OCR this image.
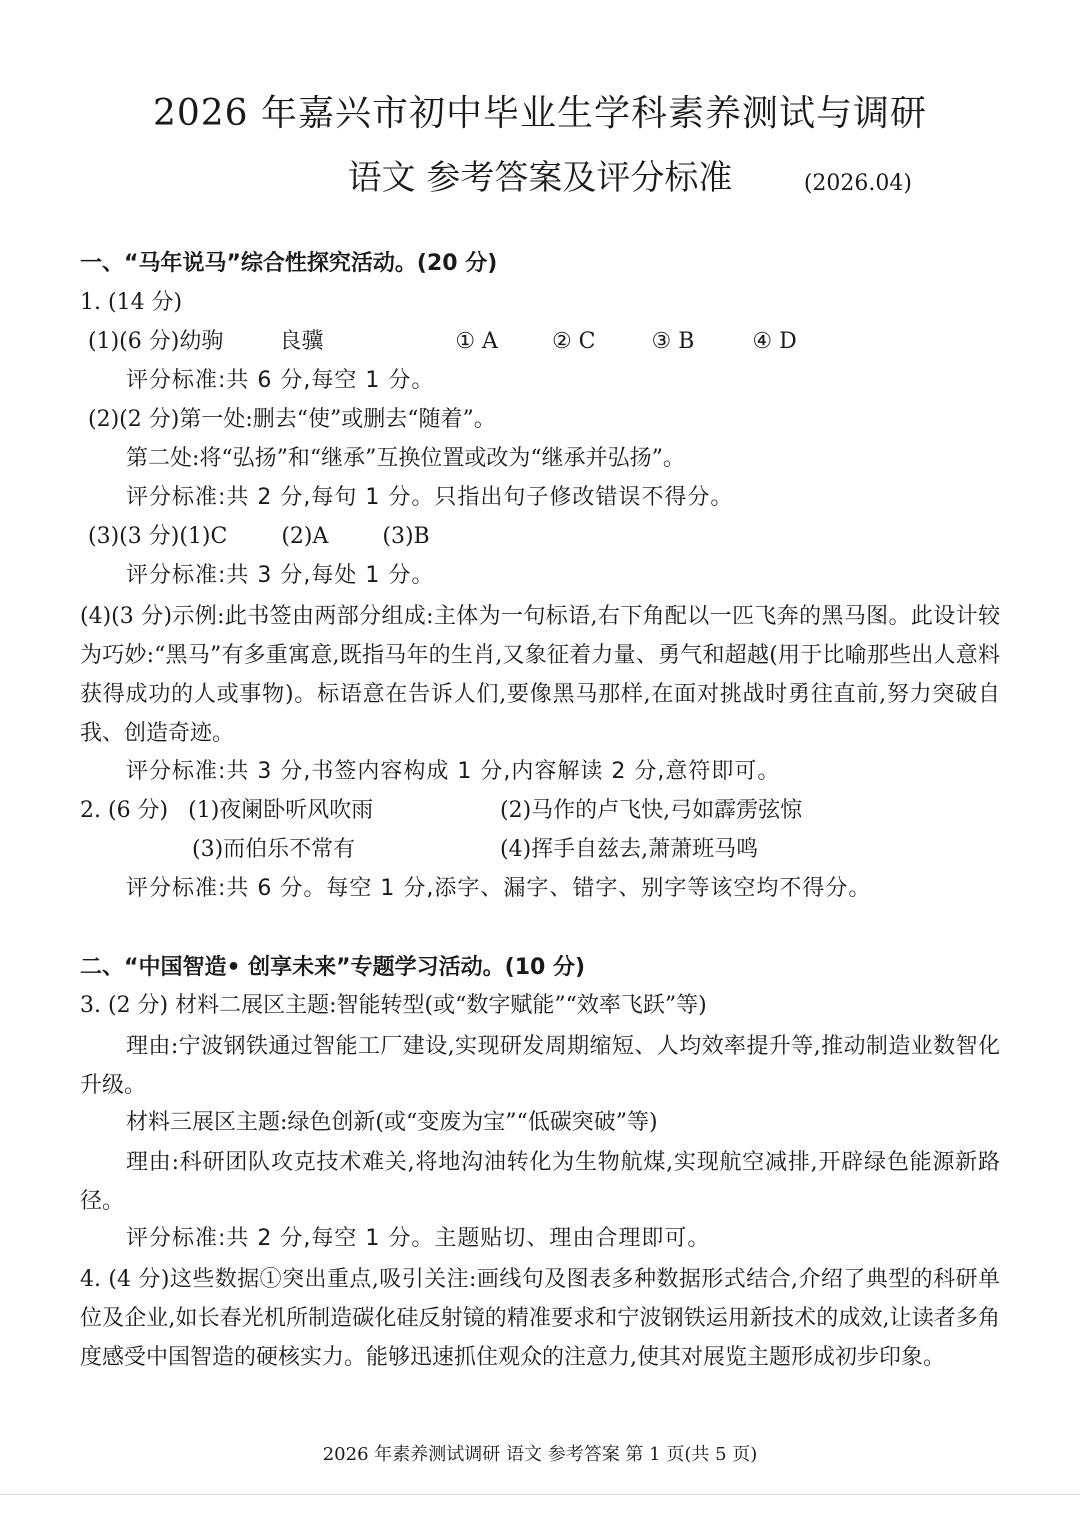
2026 年嘉兴市初中毕业生学科素养测试与调研
语文 参考答案及评分标准	(2026.04)
一、“马年说马”综合性探究活动。(20 分)
1. (14 分)
(1)(6 分)幼驹	良骥	① A ② C	③ B	④ D
评分标准:共 6 分,每空 1 分。
(2)(2 分)第一处:删去“使”或删去“随着”。
第二处:将“弘扬”和“继承”互换位置或改为“继承并弘扬”。
评分标准:共 2 分,每句 1 分。只指出句子修改错误不得分。
(3)(3 分)(1)C (2)A (3)B
评分标准:共 3 分,每处 1 分。
(4)(3 分)示例:此书签由两部分组成:主体为一句标语,右下角配以一匹飞奔的黑马图。此设计较为巧妙:“黑马”有多重寓意,既指马年的生肖,又象征着力量、勇气和超越(用于比喻那些出人意料获得成功的人或事物)。标语意在告诉人们,要像黑马那样,在面对挑战时勇往直前,努力突破自我、创造奇迹。
评分标准:共 3 分,书签内容构成 1 分,内容解读 2 分,意符即可。
2. (6 分) (1)夜阑卧听风吹雨	(2)马作的卢飞快,弓如霹雳弦惊
(3)而伯乐不常有	(4)挥手自兹去,萧萧班马鸣
评分标准:共 6 分。每空 1 分,添字、漏字、错字、别字等该空均不得分。
二、“中国智造• 创享未来”专题学习活动。(10 分)
3. (2 分) 材料二展区主题:智能转型(或“数字赋能”“效率飞跃”等)
理由:宁波钢铁通过智能工厂建设,实现研发周期缩短、人均效率提升等,推动制造业数智化升级。
材料三展区主题:绿色创新(或“变废为宝”“低碳突破”等)
理由:科研团队攻克技术难关,将地沟油转化为生物航煤,实现航空减排,开辟绿色能源新路径。
评分标准:共 2 分,每空 1 分。主题贴切、理由合理即可。
4. (4 分)这些数据①突出重点,吸引关注:画线句及图表多种数据形式结合,介绍了典型的科研单位及企业,如长春光机所制造碳化硅反射镜的精准要求和宁波钢铁运用新技术的成效,让读者多角度感受中国智造的硬核实力。能够迅速抓住观众的注意力,使其对展览主题形成初步印象。
2026 年素养测试调研 语文 参考答案 第 1 页(共 5 页)
